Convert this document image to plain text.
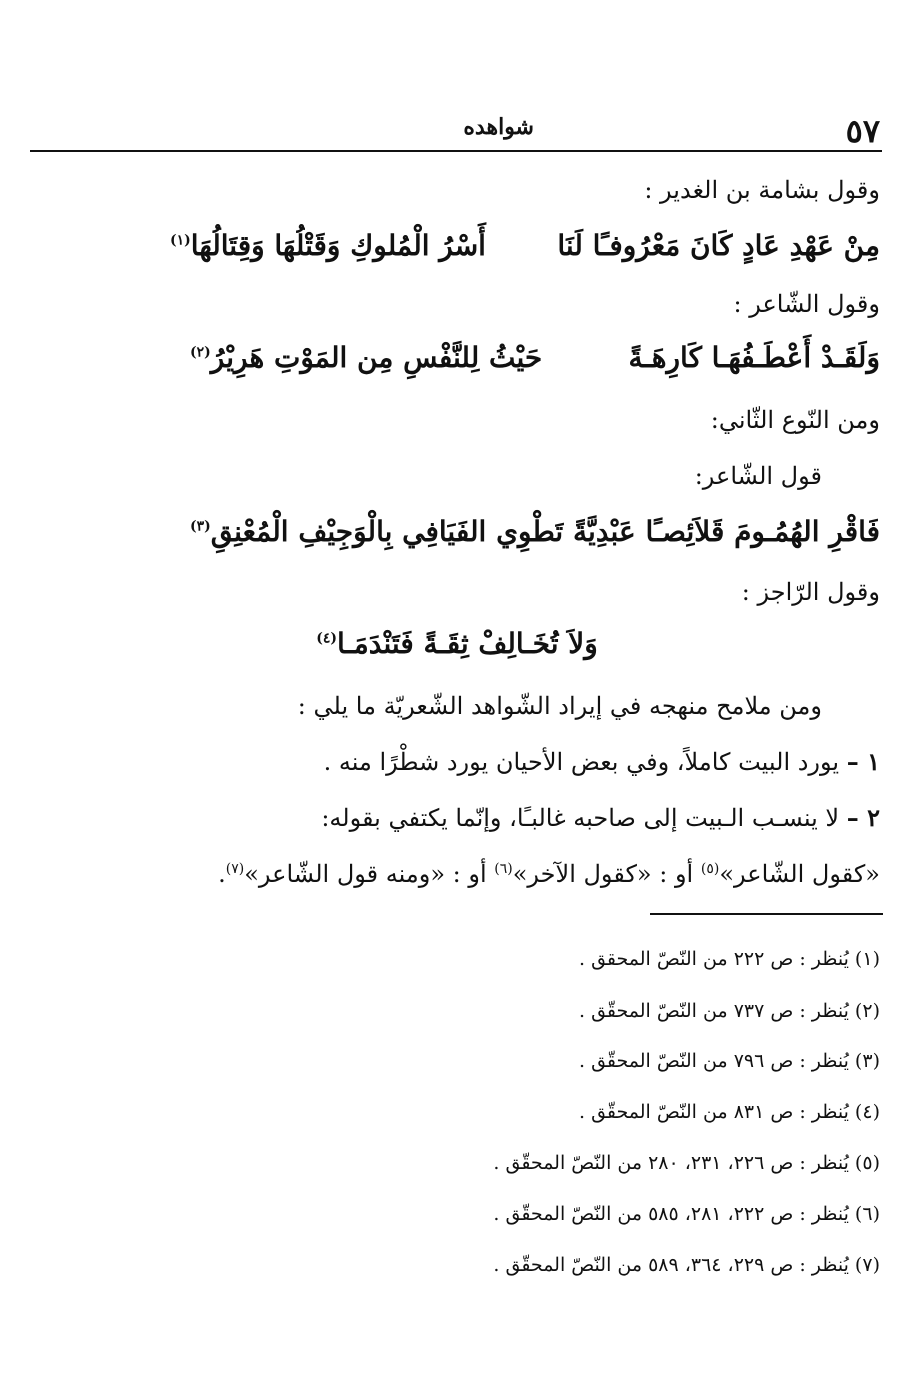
٥٧
شواهده
وقول بشامة بن الغدير :
مِنْ عَهْدِ عَادٍ كَانَ مَعْرُوفـًا لَنَا
أَسْرُ الْمُلوكِ وَقَتْلُهَا وَقِتَالُهَا$^{(١)}$
وقول الشّاعر :
وَلَقَـدْ أَعْطَـفُهَـا كَارِهَـةً
حَيْثُ لِلنَّفْسِ مِن المَوْتِ هَرِيْرُ$^{(٢)}$
ومن النّوع الثّاني:
قول الشّاعر:
فَاقْرِ الهُمُـومَ قَلاَئِصـًا عَبْدِيَّةً
تَطْوِي الفَيَافِي بِالْوَجِيْفِ الْمُعْنِقِ$^{(٣)}$
وقول الرّاجز :
وَلاَ تُخَـالِفْ ثِقَـةً فَتَنْدَمَـا$^{(٤)}$
ومن ملامح منهجه في إيراد الشّواهد الشّعريّة ما يلي :
١ – يورد البيت كاملاً، وفي بعض الأحيان يورد شطْرًا منه .
٢ – لا ينسـب الـبيت إلى صاحبه غالبـًا، وإنّما يكتفي بقوله:
«كقول الشّاعر»$^{(٥)}$ أو : «كقول الآخر»$^{(٦)}$ أو : «ومنه قول الشّاعر»$^{(٧)}$.
(١) يُنظر : ص ٢٢٢ من النّصّ المحقق .
(٢) يُنظر : ص ٧٣٧ من النّصّ المحقّق .
(٣) يُنظر : ص ٧٩٦ من النّصّ المحقّق .
(٤) يُنظر : ص ٨٣١ من النّصّ المحقّق .
(٥) يُنظر : ص ٢٢٦، ٢٣١، ٢٨٠ من النّصّ المحقّق .
(٦) يُنظر : ص ٢٢٢، ٢٨١، ٥٨٥ من النّصّ المحقّق .
(٧) يُنظر : ص ٢٢٩، ٣٦٤، ٥٨٩ من النّصّ المحقّق .
